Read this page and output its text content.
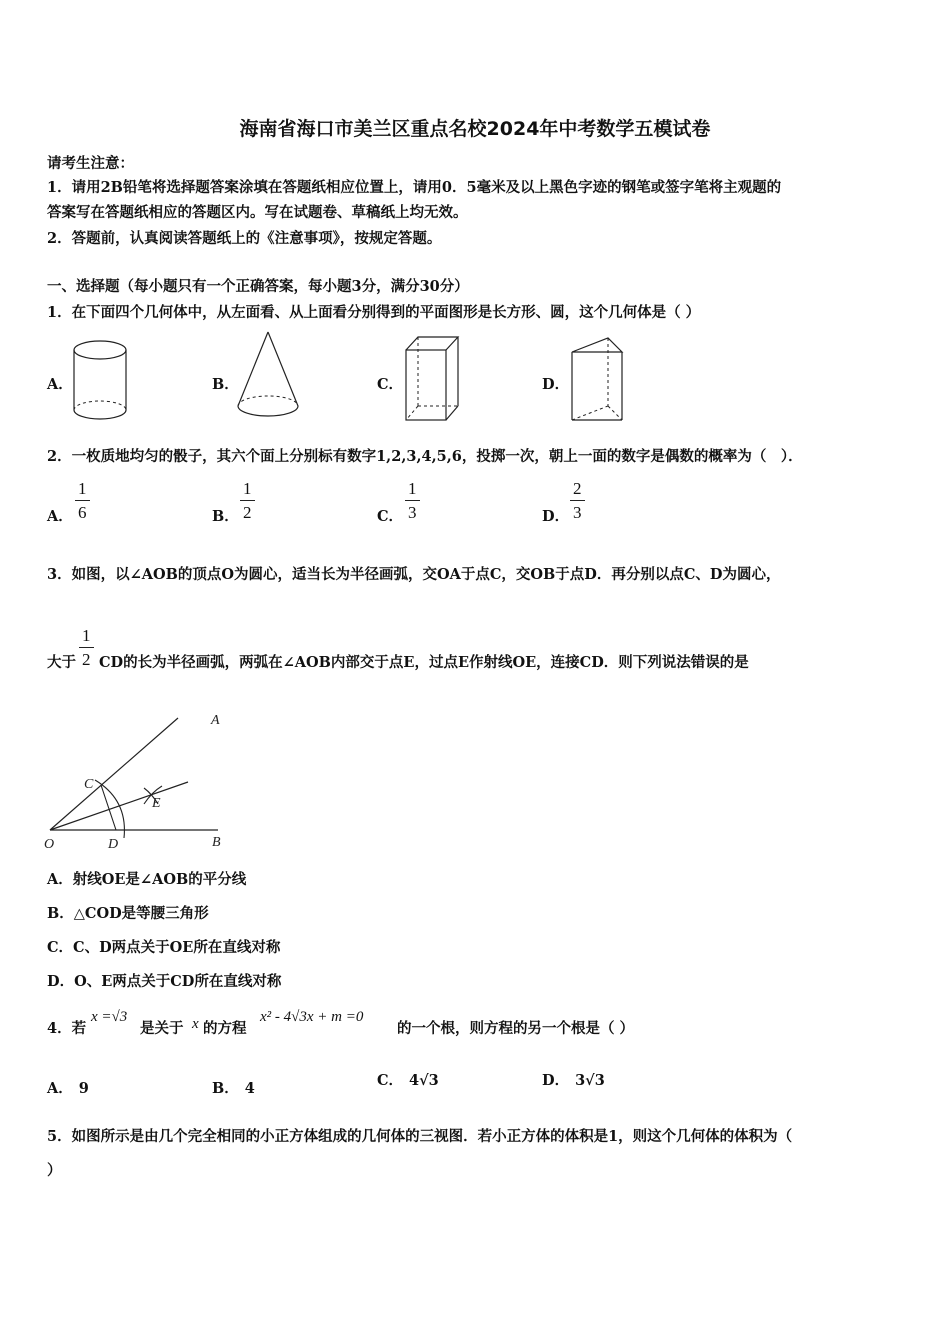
海南省海口市美兰区重点名校2024年中考数学五模试卷
请考生注意：
1．请用2B铅笔将选择题答案涂填在答题纸相应位置上，请用0．5毫米及以上黑色字迹的钢笔或签字笔将主观题的
答案写在答题纸相应的答题区内。写在试题卷、草稿纸上均无效。
2．答题前，认真阅读答题纸上的《注意事项》，按规定答题。
一、选择题（每小题只有一个正确答案，每小题3分，满分30分）
1．在下面四个几何体中，从左面看、从上面看分别得到的平面图形是长方形、圆，这个几何体是（ ）
A．	B．	C．	D．
2．一枚质地均匀的骰子，其六个面上分别标有数字1,2,3,4,5,6，投掷一次，朝上一面的数字是偶数的概率为（　）．
A．
1
6	B．
1
2	C．
1
3	D．
2
3
3．如图，以∠AOB的顶点O为圆心，适当长为半径画弧，交OA于点C，交OB于点D．再分别以点C、D为圆心，
大于
1
2 CD的长为半径画弧，两弧在∠AOB内部交于点E，过点E作射线OE，连接CD．则下列说法错误的是
A
C
E
O	D	B
A．射线OE是∠AOB的平分线
B．△COD是等腰三角形
C．C、D两点关于OE所在直线对称
D．O、E两点关于CD所在直线对称
4．若
x =√3
是关于 x 的方程
x² - 4√3x + m =0
的一个根，则方程的另一个根是（ ）
A． 9	B． 4	C． 4√3	D． 3√3
5．如图所示是由几个完全相同的小正方体组成的几何体的三视图．若小正方体的体积是1，则这个几何体的体积为（
）
